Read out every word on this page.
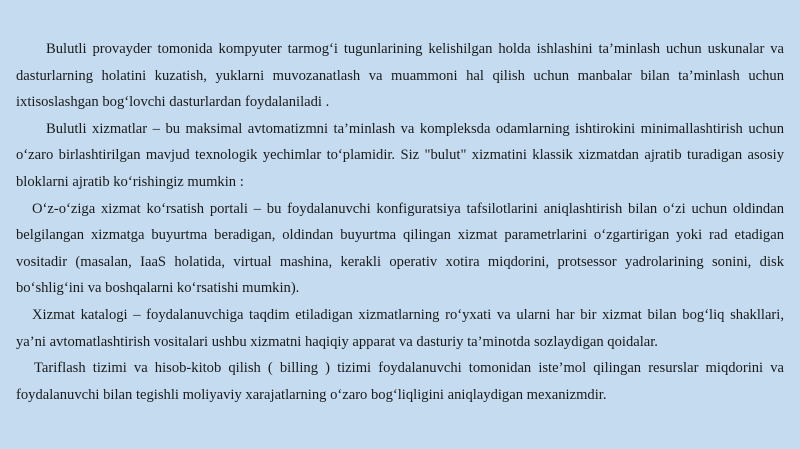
Bulutli provayder tomonida kompyuter tarmog‘i tugunlarining kelishilgan holda ishlashini ta’minlash uchun uskunalar va dasturlarning holatini kuzatish, yuklarni muvozanatlash va muammoni hal qilish uchun manbalar bilan ta’minlash uchun ixtisoslashgan bog‘lovchi dasturlardan foydalaniladi .

Bulutli xizmatlar – bu maksimal avtomatizmni ta’minlash va kompleksda odamlarning ishtirokini minimallashtirish uchun o‘zaro birlashtirilgan mavjud texnologik yechimlar to‘plamidir. Siz "bulut" xizmatini klassik xizmatdan ajratib turadigan asosiy bloklarni ajratib ko‘rishingiz mumkin :

O‘z-o‘ziga xizmat ko‘rsatish portali – bu foydalanuvchi konfiguratsiya tafsilotlarini aniqlashtirish bilan o‘zi uchun oldindan belgilangan xizmatga buyurtma beradigan, oldindan buyurtma qilingan xizmat parametrlarini o‘zgartirigan yoki rad etadigan vositadir (masalan, IaaS holatida, virtual mashina, kerakli operativ xotira miqdorini, protsessor yadrolarining sonini, disk bo‘shlig‘ini va boshqalarni ko‘rsatishi mumkin).

Xizmat katalogi – foydalanuvchiga taqdim etiladigan xizmatlarning ro‘yxati va ularni har bir xizmat bilan bog‘liq shakllari, ya’ni avtomatlashtirish vositalari ushbu xizmatni haqiqiy apparat va dasturiy ta’minotda sozlaydigan qoidalar.

Tariflash tizimi va hisob-kitob qilish ( billing ) tizimi foydalanuvchi tomonidan iste’mol qilingan resurslar miqdorini va foydalanuvchi bilan tegishli moliyaviy xarajatlarning o‘zaro bog‘liqligini aniqlaydigan mexanizmdir.
